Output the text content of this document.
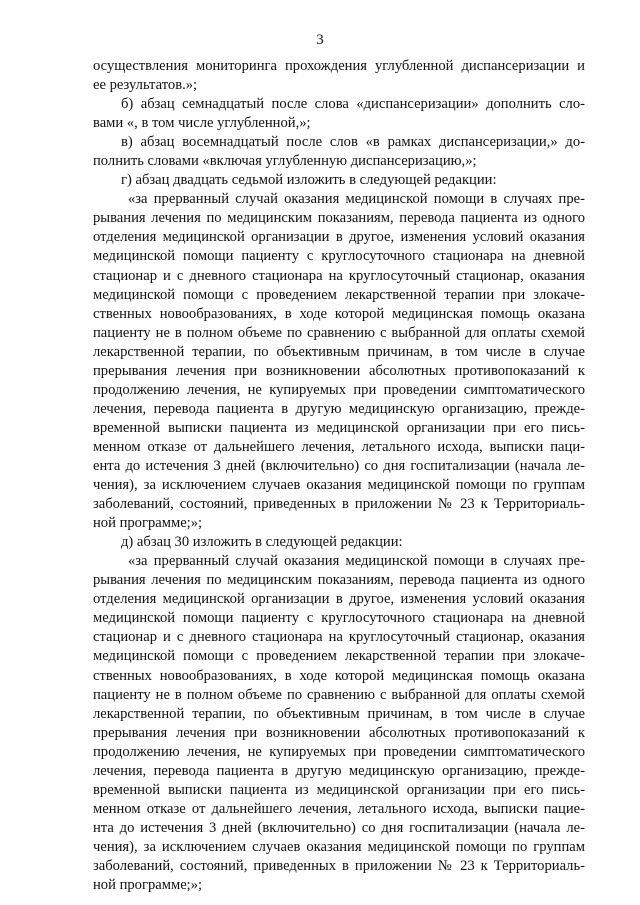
3
осуществления мониторинга прохождения углубленной диспансеризации и
ее результатов.»;
б) абзац семнадцатый после слова «диспансеризации» дополнить сло-
вами «, в том числе углубленной,»;
в) абзац восемнадцатый после слов «в рамках диспансеризации,» до-
полнить словами «включая углубленную диспансеризацию,»;
г) абзац двадцать седьмой изложить в следующей редакции:
«за прерванный случай оказания медицинской помощи в случаях пре-
рывания лечения по медицинским показаниям, перевода пациента из одного
отделения медицинской организации в другое, изменения условий оказания
медицинской помощи пациенту с круглосуточного стационара на дневной
стационар и с дневного стационара на круглосуточный стационар, оказания
медицинской помощи с проведением лекарственной терапии при злокаче-
ственных новообразованиях, в ходе которой медицинская помощь оказана
пациенту не в полном объеме по сравнению с выбранной для оплаты схемой
лекарственной терапии, по объективным причинам, в том числе в случае
прерывания лечения при возникновении абсолютных противопоказаний к
продолжению лечения, не купируемых при проведении симптоматического
лечения, перевода пациента в другую медицинскую организацию, прежде-
временной выписки пациента из медицинской организации при его пись-
менном отказе от дальнейшего лечения, летального исхода, выписки паци-
ента до истечения 3 дней (включительно) со дня госпитализации (начала ле-
чения), за исключением случаев оказания медицинской помощи по группам
заболеваний, состояний, приведенных в приложении № 23 к Территориаль-
ной программе;»;
д) абзац 30 изложить в следующей редакции:
«за прерванный случай оказания медицинской помощи в случаях пре-
рывания лечения по медицинским показаниям, перевода пациента из одного
отделения медицинской организации в другое, изменения условий оказания
медицинской помощи пациенту с круглосуточного стационара на дневной
стационар и с дневного стационара на круглосуточный стационар, оказания
медицинской помощи с проведением лекарственной терапии при злокаче-
ственных новообразованиях, в ходе которой медицинская помощь оказана
пациенту не в полном объеме по сравнению с выбранной для оплаты схемой
лекарственной терапии, по объективным причинам, в том числе в случае
прерывания лечения при возникновении абсолютных противопоказаний к
продолжению лечения, не купируемых при проведении симптоматического
лечения, перевода пациента в другую медицинскую организацию, прежде-
временной выписки пациента из медицинской организации при его пись-
менном отказе от дальнейшего лечения, летального исхода, выписки пацие-
нта до истечения 3 дней (включительно) со дня госпитализации (начала ле-
чения), за исключением случаев оказания медицинской помощи по группам
заболеваний, состояний, приведенных в приложении № 23 к Территориаль-
ной программе;»;
